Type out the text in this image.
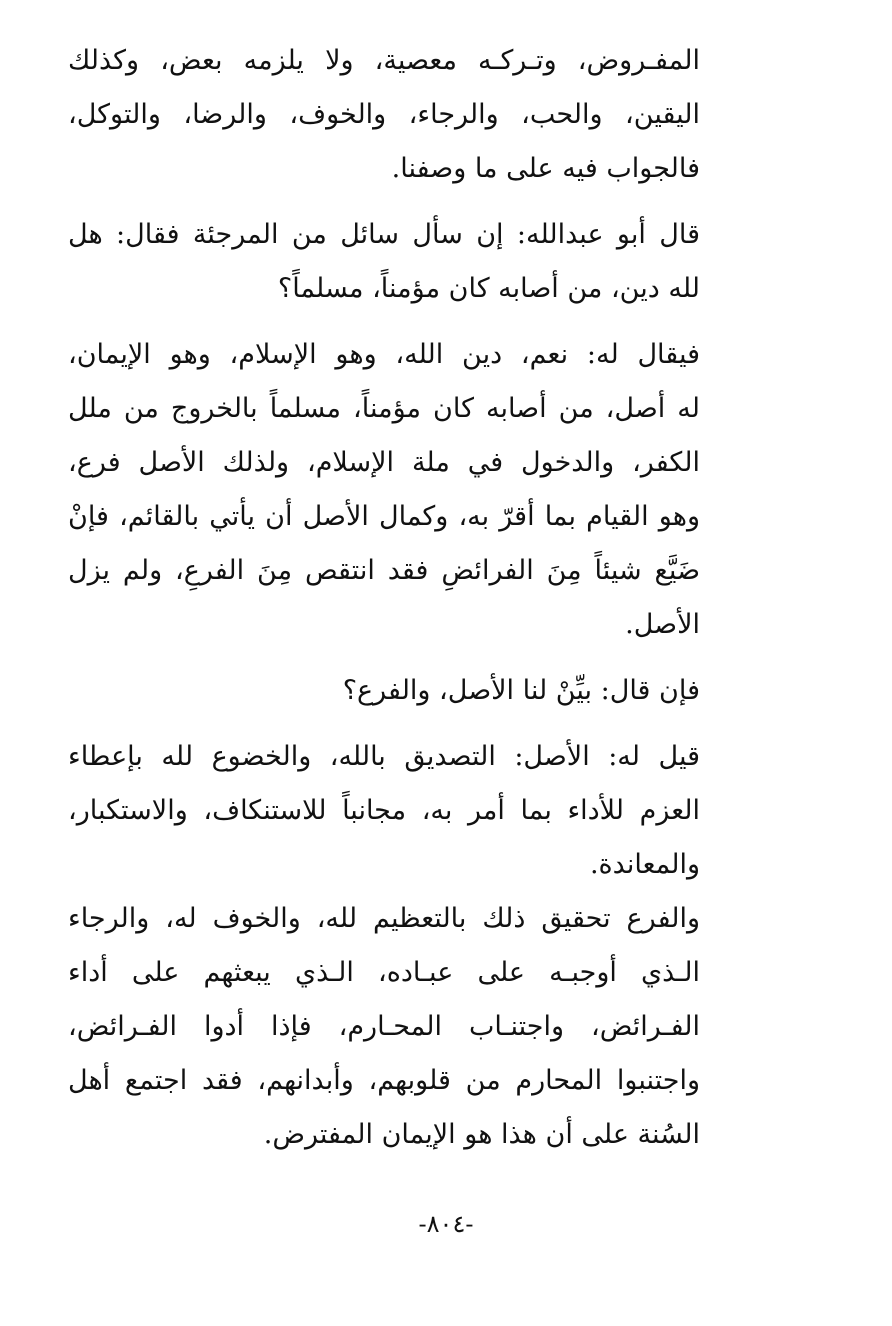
المفـروض، وتـركـه معصية، ولا يلزمه بعض، وكذلك
اليقين، والحب، والرجاء، والخوف، والرضا، والتوكل،
فالجواب فيه على ما وصفنا.
قال أبو عبدالله: إن سأل سائل من المرجئة فقال: هل
لله دين، من أصابه كان مؤمناً، مسلماً؟
فيقال له: نعم، دين الله، وهو الإسلام، وهو الإيمان،
له أصل، من أصابه كان مؤمناً، مسلماً بالخروج من ملل
الكفر، والدخول في ملة الإسلام، ولذلك الأصل فرع،
وهو القيام بما أقرّ به، وكمال الأصل أن يأتي بالقائم، فإنْ
ضَيَّع شيئاً مِنَ الفرائضِ فقد انتقص مِنَ الفرعِ، ولم يزل
الأصل.
فإن قال: بيِّنْ لنا الأصل، والفرع؟
قيل له: الأصل: التصديق بالله، والخضوع لله بإعطاء
العزم للأداء بما أمر به، مجانباً للاستنكاف، والاستكبار،
والمعاندة.
والفرع تحقيق ذلك بالتعظيم لله، والخوف له، والرجاء
الـذي أوجبـه على عبـاده، الـذي يبعثهم على أداء
الفـرائض، واجتنـاب المحـارم، فإذا أدوا الفـرائض،
واجتنبوا المحارم من قلوبهم، وأبدانهم، فقد اجتمع أهل
السُنة على أن هذا هو الإيمان المفترض.
-٨٠٤-
